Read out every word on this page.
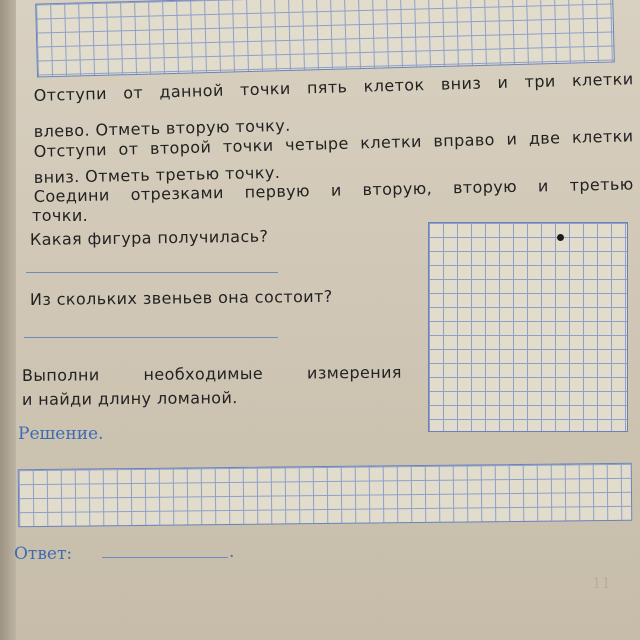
Отступи от данной точки пять клеток вниз и три клетки
влево. Отметь вторую точку.
Отступи от второй точки четыре клетки вправо и две клетки
вниз. Отметь третью точку.
Соедини отрезками первую и вторую, вторую и третью
точки.
Какая фигура получилась?
Из скольких звеньев она состоит?
Выполни	необходимые	измерения
и найди длину ломаной.
Решение.
Ответ:	.
11
